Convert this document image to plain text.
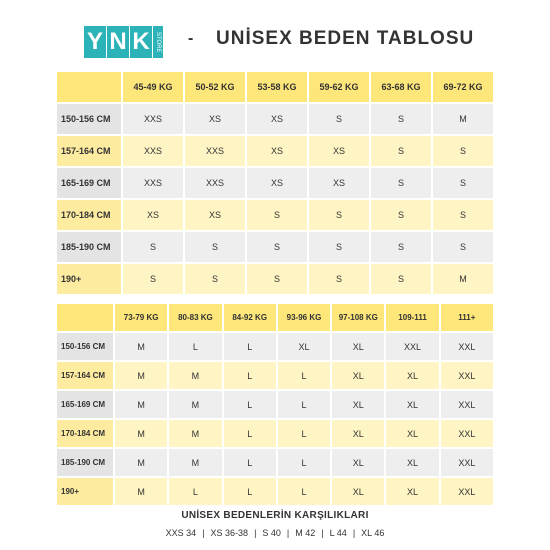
Y N K STORE - UNİSEX BEDEN TABLOSU
	45-49 KG	50-52 KG	53-58 KG	59-62 KG	63-68 KG	69-72 KG
150-156 CM	XXS	XS	XS	S	S	M
157-164 CM	XXS	XXS	XS	XS	S	S
165-169 CM	XXS	XXS	XS	XS	S	S
170-184 CM	XS	XS	S	S	S	S
185-190 CM	S	S	S	S	S	S
190+	S	S	S	S	S	M
	73-79 KG	80-83 KG	84-92 KG	93-96 KG	97-108 KG	109-111	111+
150-156 CM	M	L	L	XL	XL	XXL	XXL
157-164 CM	M	M	L	L	XL	XL	XXL
165-169 CM	M	M	L	L	XL	XL	XXL
170-184 CM	M	M	L	L	XL	XL	XXL
185-190 CM	M	M	L	L	XL	XL	XXL
190+	M	L	L	L	XL	XL	XXL
UNİSEX BEDENLERİN KARŞILIKLARI
XXS 34 | XS 36-38 | S 40 | M 42 | L 44 | XL 46
